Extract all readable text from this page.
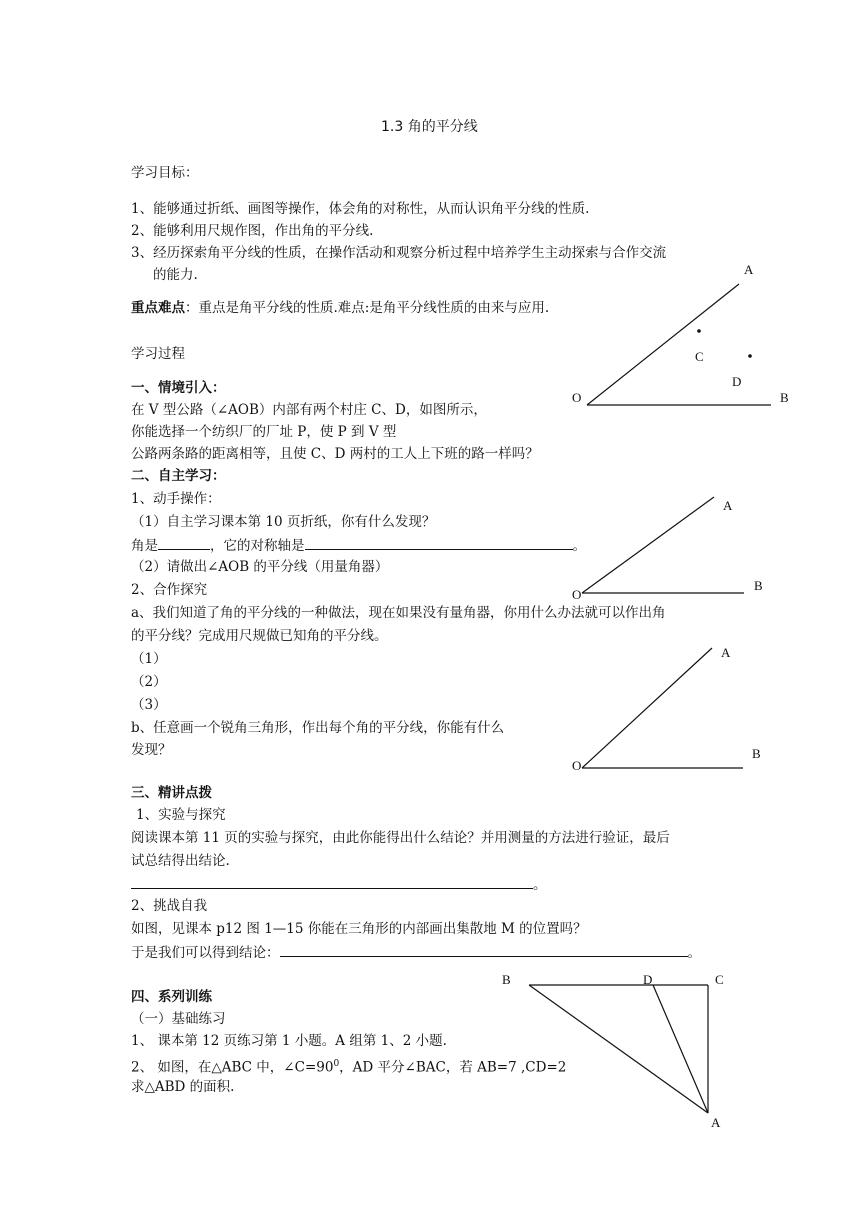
1.3 角的平分线
学习目标：
1、能够通过折纸、画图等操作，体会角的对称性，从而认识角平分线的性质.
2、能够利用尺规作图，作出角的平分线.
3、经历探索角平分线的性质，在操作活动和观察分析过程中培养学生主动探索与合作交流
的能力.
重点难点：重点是角平分线的性质.难点:是角平分线性质的由来与应用.
学习过程
一、情境引入：
在 V 型公路（∠AOB）内部有两个村庄 C、D，如图所示，
你能选择一个纺织厂的厂址 P，使 P 到 V 型
公路两条路的距离相等，且使 C、D 两村的工人上下班的路一样吗？
二、自主学习：
1、动手操作：
（1）自主学习课本第 10 页折纸，你有什么发现？
角是	，它的对称轴是	。
（2）请做出∠AOB 的平分线（用量角器）
2、合作探究
a、我们知道了角的平分线的一种做法，现在如果没有量角器，你用什么办法就可以作出角
的平分线？完成用尺规做已知角的平分线。
（1）
（2）
（3）
b、任意画一个锐角三角形，作出每个角的平分线，你能有什么
发现？
三、精讲点拨
1、实验与探究
阅读课本第 11 页的实验与探究，由此你能得出什么结论？并用测量的方法进行验证，最后
试总结得出结论.
。
2、挑战自我
如图，见课本 p12 图 1—15 你能在三角形的内部画出集散地 M 的位置吗？
于是我们可以得到结论：	。
四、系列训练
（一）基础练习
1、 课本第 12 页练习第 1 小题。A 组第 1、2 小题.
2、 如图，在△ABC 中，$\angle C=90^0$，AD 平分∠BAC，若 AB=7 ,CD=2
求△ABD 的面积.
A
B
O
C
D
A
B
O
A
B
O
B	D	C
A
